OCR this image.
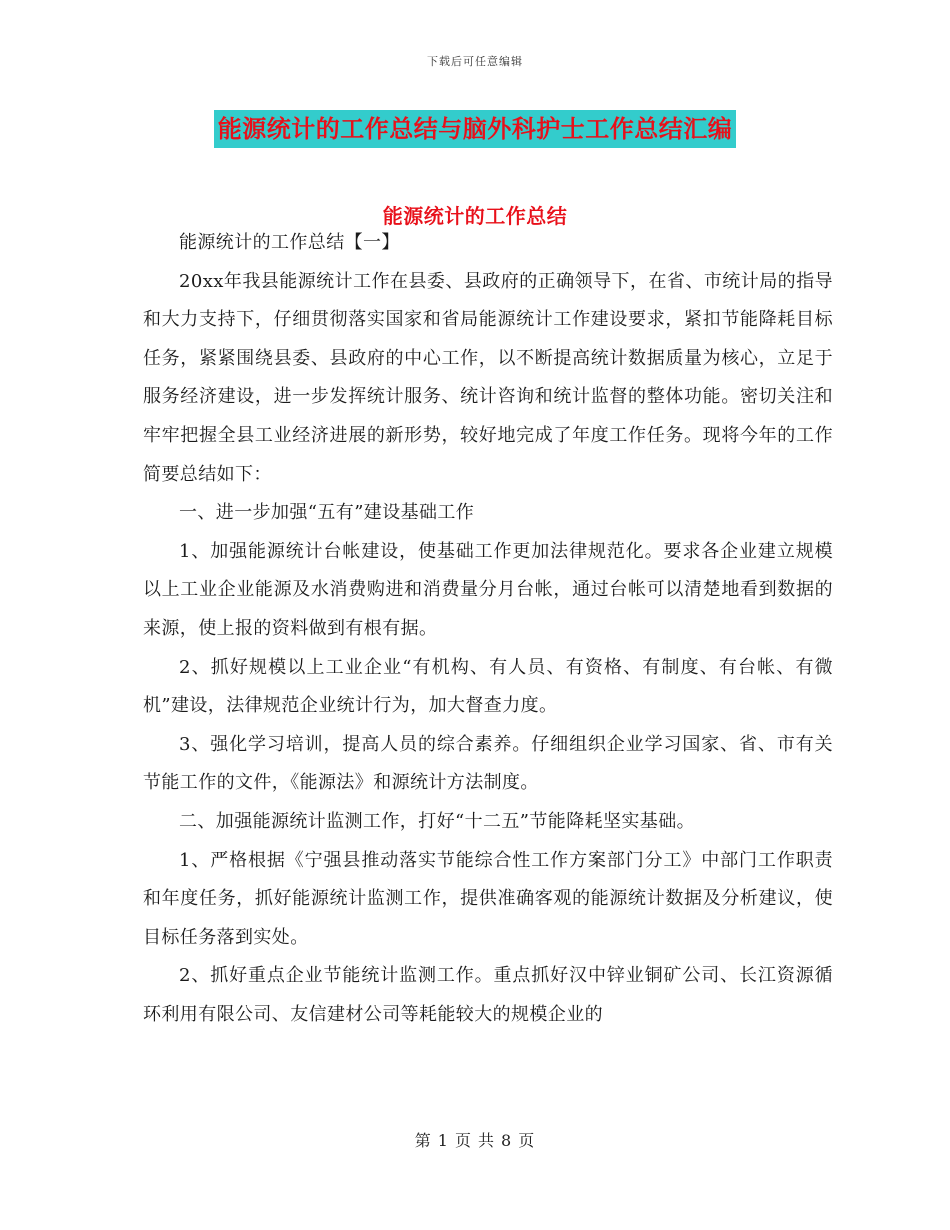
下载后可任意编辑
能源统计的工作总结与脑外科护士工作总结汇编
能源统计的工作总结

能源统计的工作总结【一】

20xx年我县能源统计工作在县委、县政府的正确领导下，在省、市统计局的指导和大力支持下，仔细贯彻落实国家和省局能源统计工作建设要求，紧扣节能降耗目标任务，紧紧围绕县委、县政府的中心工作，以不断提高统计数据质量为核心，立足于服务经济建设，进一步发挥统计服务、统计咨询和统计监督的整体功能。密切关注和牢牢把握全县工业经济进展的新形势，较好地完成了年度工作任务。现将今年的工作简要总结如下：

一、进一步加强“五有”建设基础工作

1、加强能源统计台帐建设，使基础工作更加法律规范化。要求各企业建立规模以上工业企业能源及水消费购进和消费量分月台帐，通过台帐可以清楚地看到数据的来源，使上报的资料做到有根有据。

2、抓好规模以上工业企业“有机构、有人员、有资格、有制度、有台帐、有微机”建设，法律规范企业统计行为，加大督查力度。

3、强化学习培训，提高人员的综合素养。仔细组织企业学习国家、省、市有关节能工作的文件，《能源法》和源统计方法制度。

二、加强能源统计监测工作，打好“十二五”节能降耗坚实基础。

1、严格根据《宁强县推动落实节能综合性工作方案部门分工》中部门工作职责和年度任务，抓好能源统计监测工作，提供准确客观的能源统计数据及分析建议，使目标任务落到实处。

2、抓好重点企业节能统计监测工作。重点抓好汉中锌业铜矿公司、长江资源循环利用有限公司、友信建材公司等耗能较大的规模企业的

第 1 页 共 8 页
